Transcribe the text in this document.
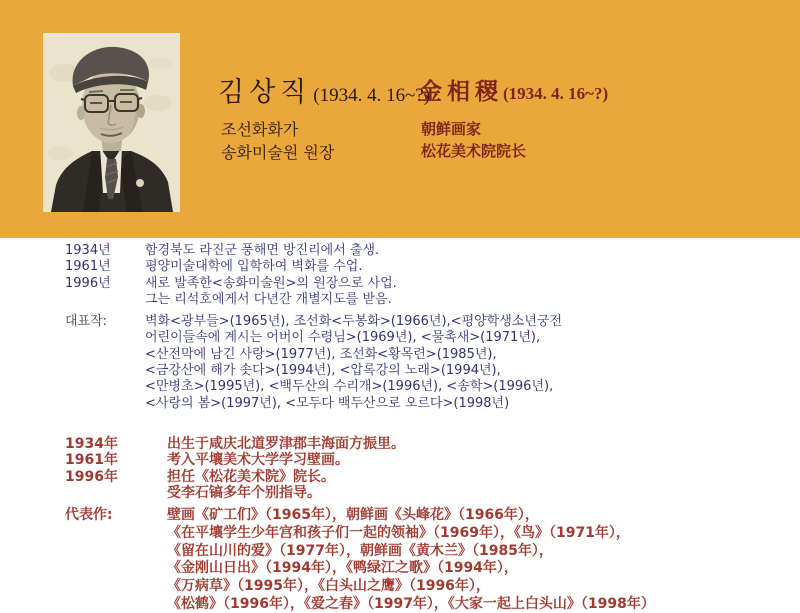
김상직 (1934. 4. 16~?)
조선화화가
송화미술원 원장
金相稷 (1934. 4. 16~?)
朝鲜画家
松花美术院院长
1934년	함경북도 라진군 풍해면 방진리에서 출생.
1961년	평양미술대학에 입학하여 벽화를 수업.
1996년	새로 발족한<송화미술원>의 원장으로 사업.
그는 리석호에게서 다년간 개별지도를 받음.
대표작:	벽화<광부들>(1965년), 조선화<두봉화>(1966년),<평양학생소년궁전
어린이들속에 계시는 어버이 수령님>(1969년), <물촉새>(1971년),
<산전막에 남긴 사랑>(1977년), 조선화<황목련>(1985년),
<금강산에 해가 솟다>(1994년), <압록강의 노래>(1994년),
<만병초>(1995년), <백두산의 수리개>(1996년), <송학>(1996년),
<사랑의 봄>(1997년), <모두다 백두산으로 오르다>(1998년)
1934年	出生于咸庆北道罗津郡丰海面方振里。
1961年	考入平壤美术大学学习壁画。
1996年	担任《松花美术院》院长。
受李石镐多年个别指导。
代表作:	壁画《矿工们》（1965年），朝鲜画《头峰花》（1966年），
《在平壤学生少年宫和孩子们一起的领袖》（1969年），《鸟》（1971年），
《留在山川的爱》（1977年），朝鲜画《黄木兰》（1985年），
《金刚山日出》（1994年），《鸭绿江之歌》（1994年），
《万病草》（1995年），《白头山之鹰》（1996年），
《松鹤》（1996年），《爱之春》（1997年），《大家一起上白头山》（1998年）
